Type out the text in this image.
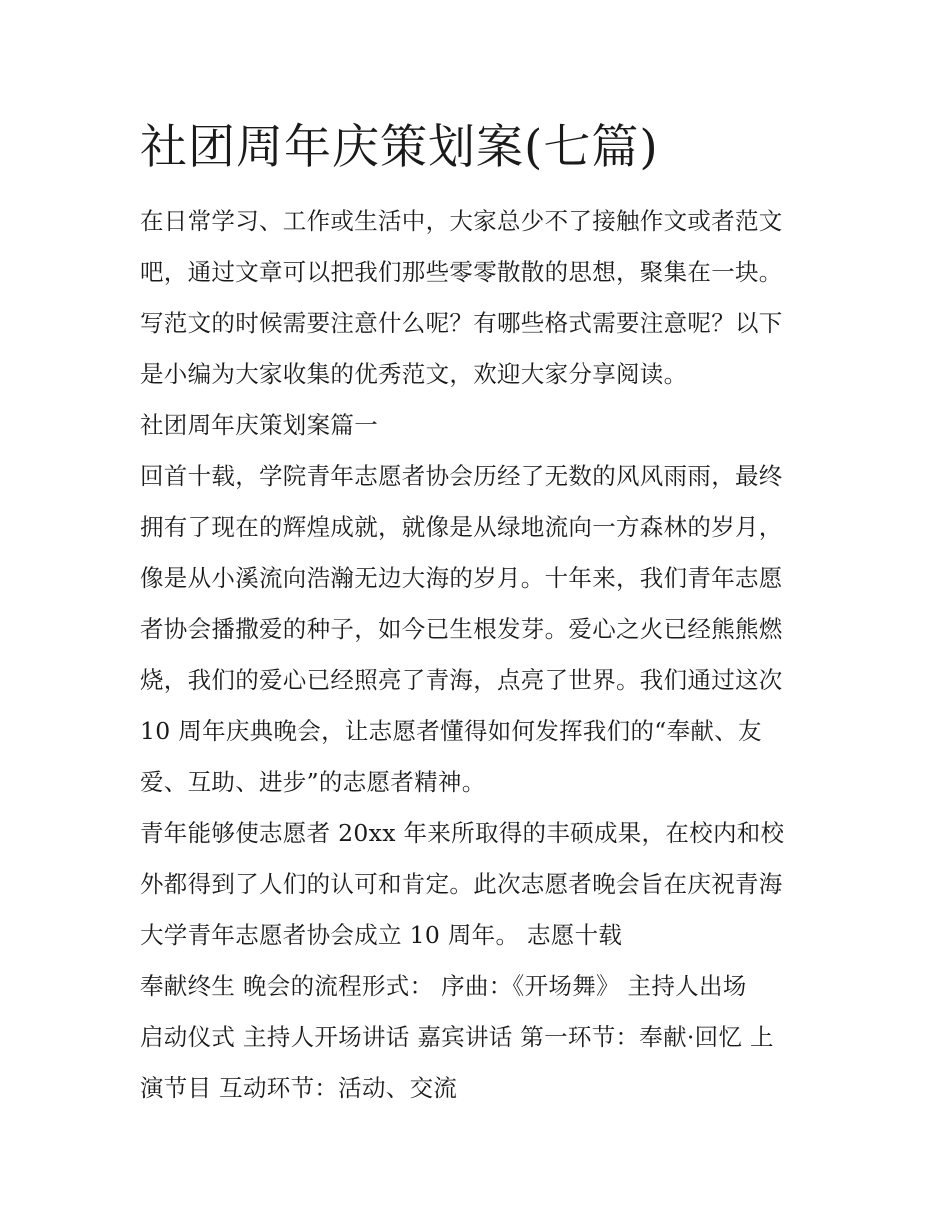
社团周年庆策划案(七篇)
在日常学习、工作或生活中，大家总少不了接触作文或者范文
吧，通过文章可以把我们那些零零散散的思想，聚集在一块。
写范文的时候需要注意什么呢？有哪些格式需要注意呢？以下
是小编为大家收集的优秀范文，欢迎大家分享阅读。
社团周年庆策划案篇一
回首十载，学院青年志愿者协会历经了无数的风风雨雨，最终
拥有了现在的辉煌成就，就像是从绿地流向一方森林的岁月，
像是从小溪流向浩瀚无边大海的岁月。十年来，我们青年志愿
者协会播撒爱的种子，如今已生根发芽。爱心之火已经熊熊燃
烧，我们的爱心已经照亮了青海，点亮了世界。我们通过这次
10 周年庆典晚会，让志愿者懂得如何发挥我们的“奉献、友
爱、互助、进步”的志愿者精神。
青年能够使志愿者 20xx 年来所取得的丰硕成果，在校内和校
外都得到了人们的认可和肯定。此次志愿者晚会旨在庆祝青海
大学青年志愿者协会成立 10 周年。 志愿十载
奉献终生 晚会的流程形式： 序曲：《开场舞》 主持人出场
启动仪式 主持人开场讲话 嘉宾讲话 第一环节：奉献·回忆 上
演节目 互动环节：活动、交流
